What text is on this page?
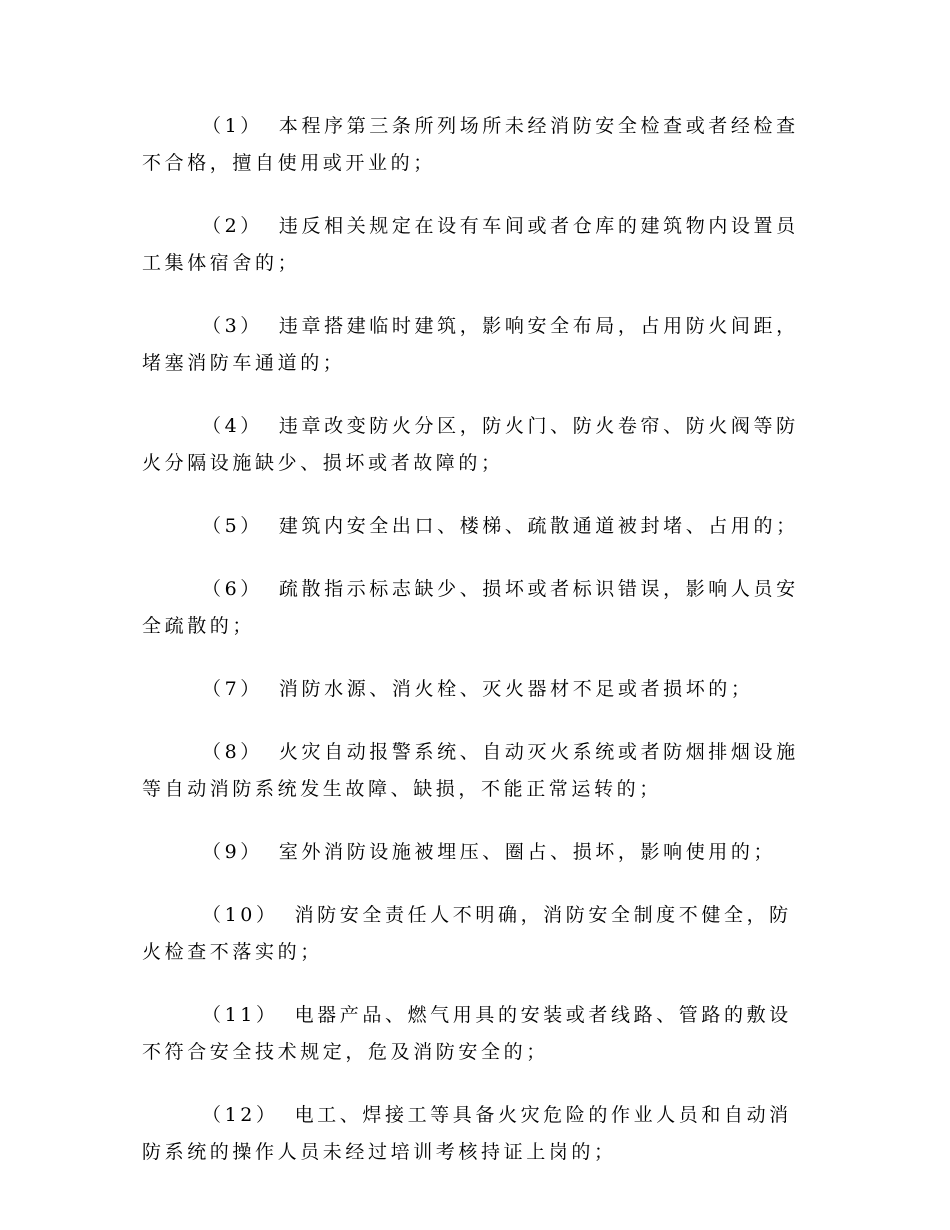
（1） 本程序第三条所列场所未经消防安全检查或者经检查不合格，擅自使用或开业的；

（2） 违反相关规定在设有车间或者仓库的建筑物内设置员工集体宿舍的；

（3） 违章搭建临时建筑，影响安全布局，占用防火间距，堵塞消防车通道的；

（4） 违章改变防火分区，防火门、防火卷帘、防火阀等防火分隔设施缺少、损坏或者故障的；

（5） 建筑内安全出口、楼梯、疏散通道被封堵、占用的；

（6） 疏散指示标志缺少、损坏或者标识错误，影响人员安全疏散的；

（7） 消防水源、消火栓、灭火器材不足或者损坏的；

（8） 火灾自动报警系统、自动灭火系统或者防烟排烟设施等自动消防系统发生故障、缺损，不能正常运转的；

（9） 室外消防设施被埋压、圈占、损坏，影响使用的；

（10） 消防安全责任人不明确，消防安全制度不健全，防火检查不落实的；

（11） 电器产品、燃气用具的安装或者线路、管路的敷设不符合安全技术规定，危及消防安全的；

（12） 电工、焊接工等具备火灾危险的作业人员和自动消防系统的操作人员未经过培训考核持证上岗的；
